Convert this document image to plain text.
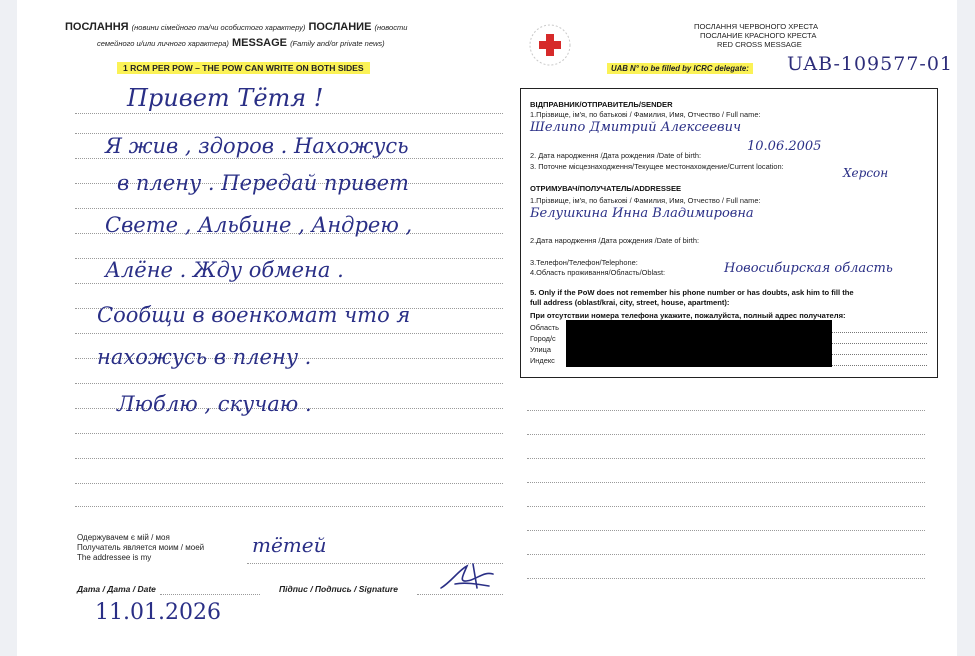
ПОСЛАННЯ (новини сімейного та/чи особистого характеру) ПОСЛАНИЕ (новости
семейного и/или личного характера) MESSAGE (Family and/or private news)
1 RCM PER POW – THE POW CAN WRITE ON BOTH SIDES
Привет Тётя !
Я жив , здоров . Нахожусь
в плену . Передай привет
Свете , Альбине , Андрею ,
Алёне . Жду обмена .
Сообщи в военкомат что я
нахожусь в плену .
Люблю , скучаю .
Одержувачем є мій / моя
Получатель является моим / моей
The addressee is my
тётей
Дата / Дата / Date	Підпис / Подпись / Signature
11.01.2026
ПОСЛАННЯ ЧЕРВОНОГО ХРЕСТА
ПОСЛАНИЕ КРАСНОГО КРЕСТА
RED CROSS MESSAGE
UAB N° to be filled by ICRC delegate: UAB-109577-01
ВІДПРАВНИК/ОТПРАВИТЕЛЬ/SENDER
1.Прізвище, ім'я, по батькові / Фамилия, Имя, Отчество / Full name:
Шелипо Дмитрий Алексеевич
2. Дата народження /Дата рождения /Date of birth:
10.06.2005
3. Поточне місцезнаходження/Текущее местонахождение/Current location:	Херсон
ОТРИМУВАЧ/ПОЛУЧАТЕЛЬ/ADDRESSEE
1.Прізвище, ім'я, по батькові / Фамилия, Имя, Отчество / Full name:
Белушкина Инна Владимировна
2.Дата народження /Дата рождения /Date of birth:
3.Телефон/Телефон/Telephone:
4.Область проживання/Область/Oblast:	Новосибирская область
5. Only if the PoW does not remember his phone number or has doubts, ask him to fill the
full address (oblast/krai, city, street, house, apartment):
При отсутствии номера телефона укажите, пожалуйста, полный адрес получателя:
Область
Город/с
Улица
Индекс
